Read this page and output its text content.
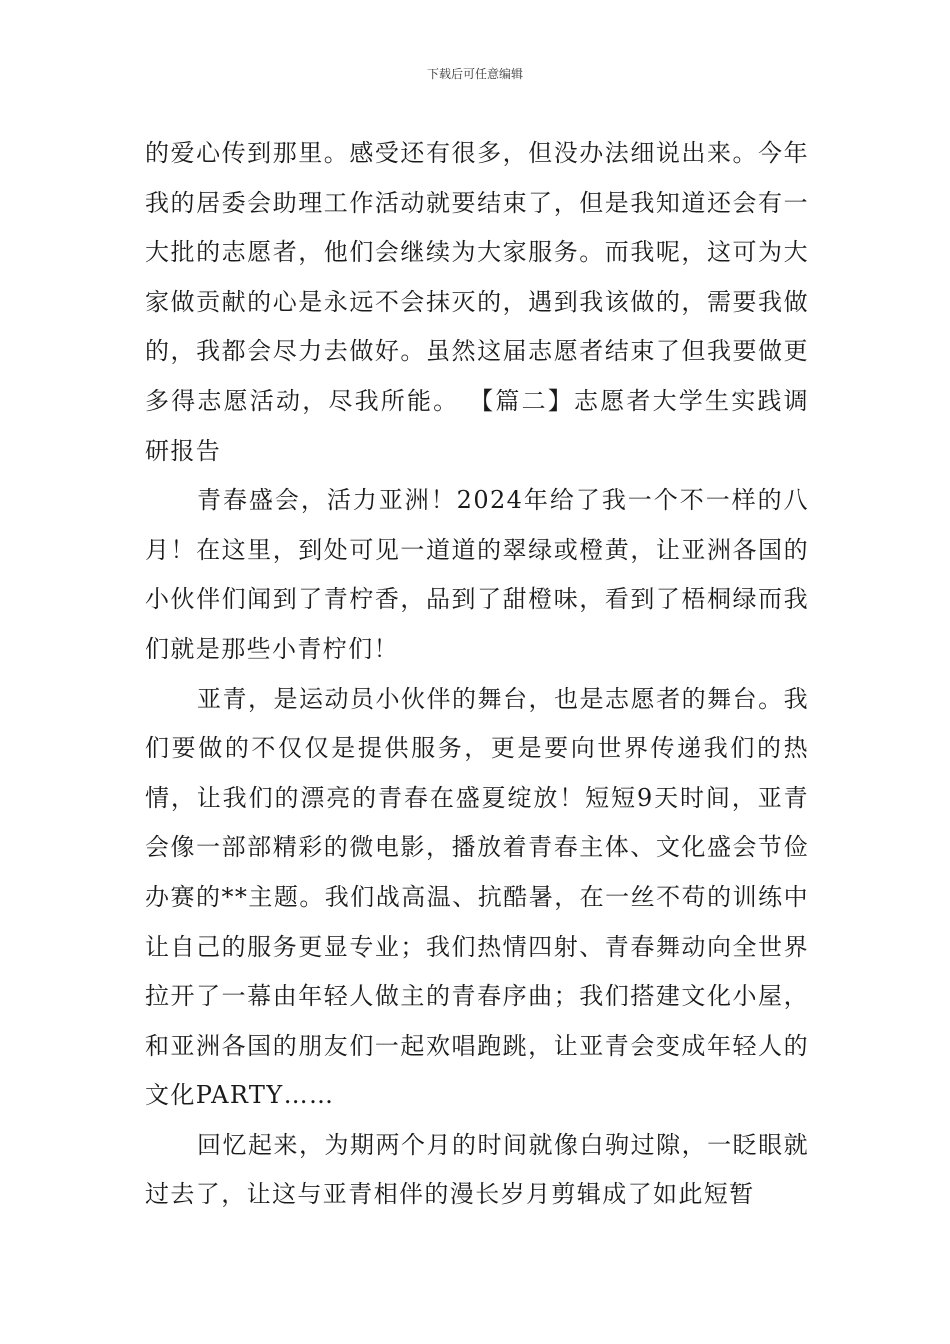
下载后可任意编辑

的爱心传到那里。感受还有很多，但没办法细说出来。今年我的居委会助理工作活动就要结束了，但是我知道还会有一大批的志愿者，他们会继续为大家服务。而我呢，这可为大家做贡献的心是永远不会抹灭的，遇到我该做的，需要我做的，我都会尽力去做好。虽然这届志愿者结束了但我要做更多得志愿活动，尽我所能。 【篇二】志愿者大学生实践调研报告

青春盛会，活力亚洲！2024年给了我一个不一样的八月！在这里，到处可见一道道的翠绿或橙黄，让亚洲各国的小伙伴们闻到了青柠香，品到了甜橙味，看到了梧桐绿而我们就是那些小青柠们！

亚青，是运动员小伙伴的舞台，也是志愿者的舞台。我们要做的不仅仅是提供服务，更是要向世界传递我们的热情，让我们的漂亮的青春在盛夏绽放！短短9天时间，亚青会像一部部精彩的微电影，播放着青春主体、文化盛会节俭办赛的**主题。我们战高温、抗酷暑，在一丝不苟的训练中让自己的服务更显专业；我们热情四射、青春舞动向全世界拉开了一幕由年轻人做主的青春序曲；我们搭建文化小屋，和亚洲各国的朋友们一起欢唱跑跳，让亚青会变成年轻人的文化PARTY……

回忆起来，为期两个月的时间就像白驹过隙，一眨眼就过去了，让这与亚青相伴的漫长岁月剪辑成了如此短暂
